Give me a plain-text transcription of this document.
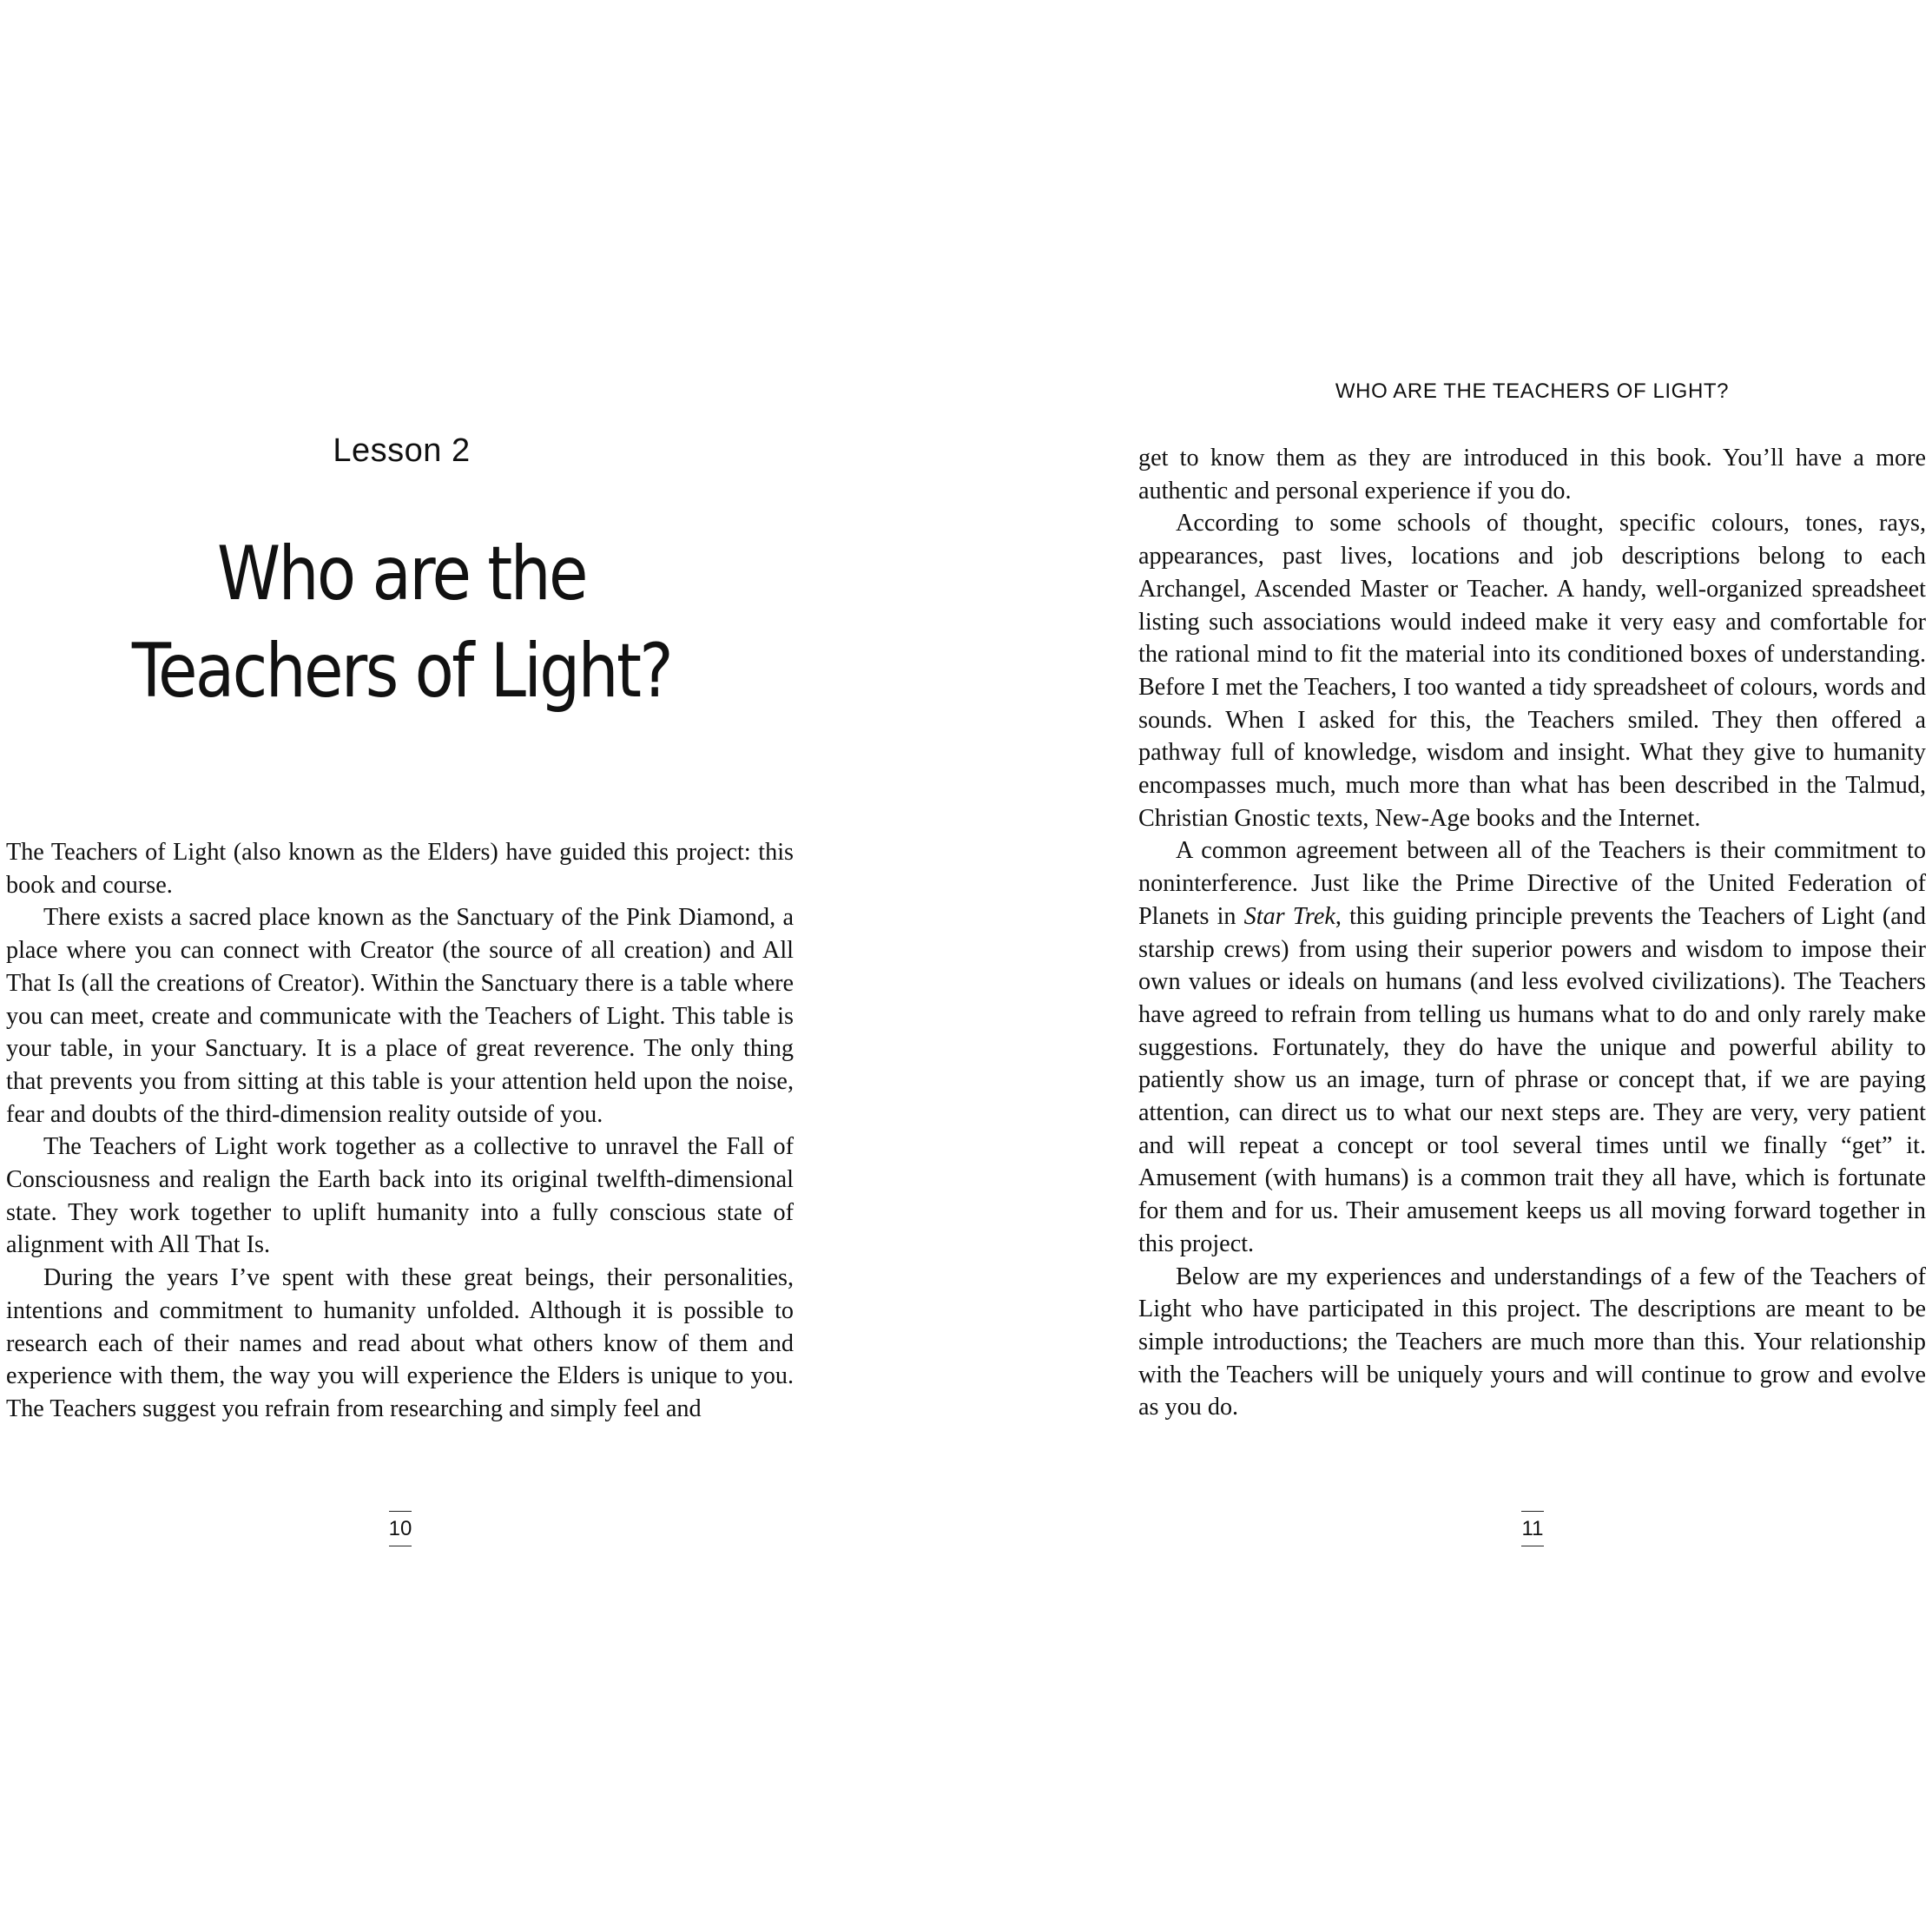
Lesson 2
Who are the
Teachers of Light?

The Teachers of Light (also known as the Elders) have guided this project: this book and course.

There exists a sacred place known as the Sanctuary of the Pink Diamond, a place where you can connect with Creator (the source of all creation) and All That Is (all the creations of Creator). Within the Sanctuary there is a table where you can meet, create and communicate with the Teachers of Light. This table is your table, in your Sanctuary. It is a place of great reverence. The only thing that prevents you from sitting at this table is your attention held upon the noise, fear and doubts of the third-dimension reality outside of you.

The Teachers of Light work together as a collective to unravel the Fall of Consciousness and realign the Earth back into its original twelfth-dimensional state. They work together to uplift humanity into a fully conscious state of alignment with All That Is.

During the years I’ve spent with these great beings, their personalities, intentions and commitment to humanity unfolded. Although it is possible to research each of their names and read about what others know of them and experience with them, the way you will experience the Elders is unique to you. The Teachers suggest you refrain from researching and simply feel and

10
WHO ARE THE TEACHERS OF LIGHT?

get to know them as they are introduced in this book. You’ll have a more authentic and personal experience if you do.

According to some schools of thought, specific colours, tones, rays, appearances, past lives, locations and job descriptions belong to each Archangel, Ascended Master or Teacher. A handy, well-organized spreadsheet listing such associations would indeed make it very easy and comfortable for the rational mind to fit the material into its conditioned boxes of understanding. Before I met the Teachers, I too wanted a tidy spreadsheet of colours, words and sounds. When I asked for this, the Teachers smiled. They then offered a pathway full of knowledge, wisdom and insight. What they give to humanity encompasses much, much more than what has been described in the Talmud, Christian Gnostic texts, New-Age books and the Internet.

A common agreement between all of the Teachers is their commitment to noninterference. Just like the Prime Directive of the United Federation of Planets in Star Trek, this guiding principle prevents the Teachers of Light (and starship crews) from using their superior powers and wisdom to impose their own values or ideals on humans (and less evolved civilizations). The Teachers have agreed to refrain from telling us humans what to do and only rarely make suggestions. Fortunately, they do have the unique and powerful ability to patiently show us an image, turn of phrase or concept that, if we are paying attention, can direct us to what our next steps are. They are very, very patient and will repeat a concept or tool several times until we finally “get” it. Amusement (with humans) is a common trait they all have, which is fortunate for them and for us. Their amusement keeps us all moving forward together in this project.

Below are my experiences and understandings of a few of the Teachers of Light who have participated in this project. The descriptions are meant to be simple introductions; the Teachers are much more than this. Your relationship with the Teachers will be uniquely yours and will continue to grow and evolve as you do.

11
